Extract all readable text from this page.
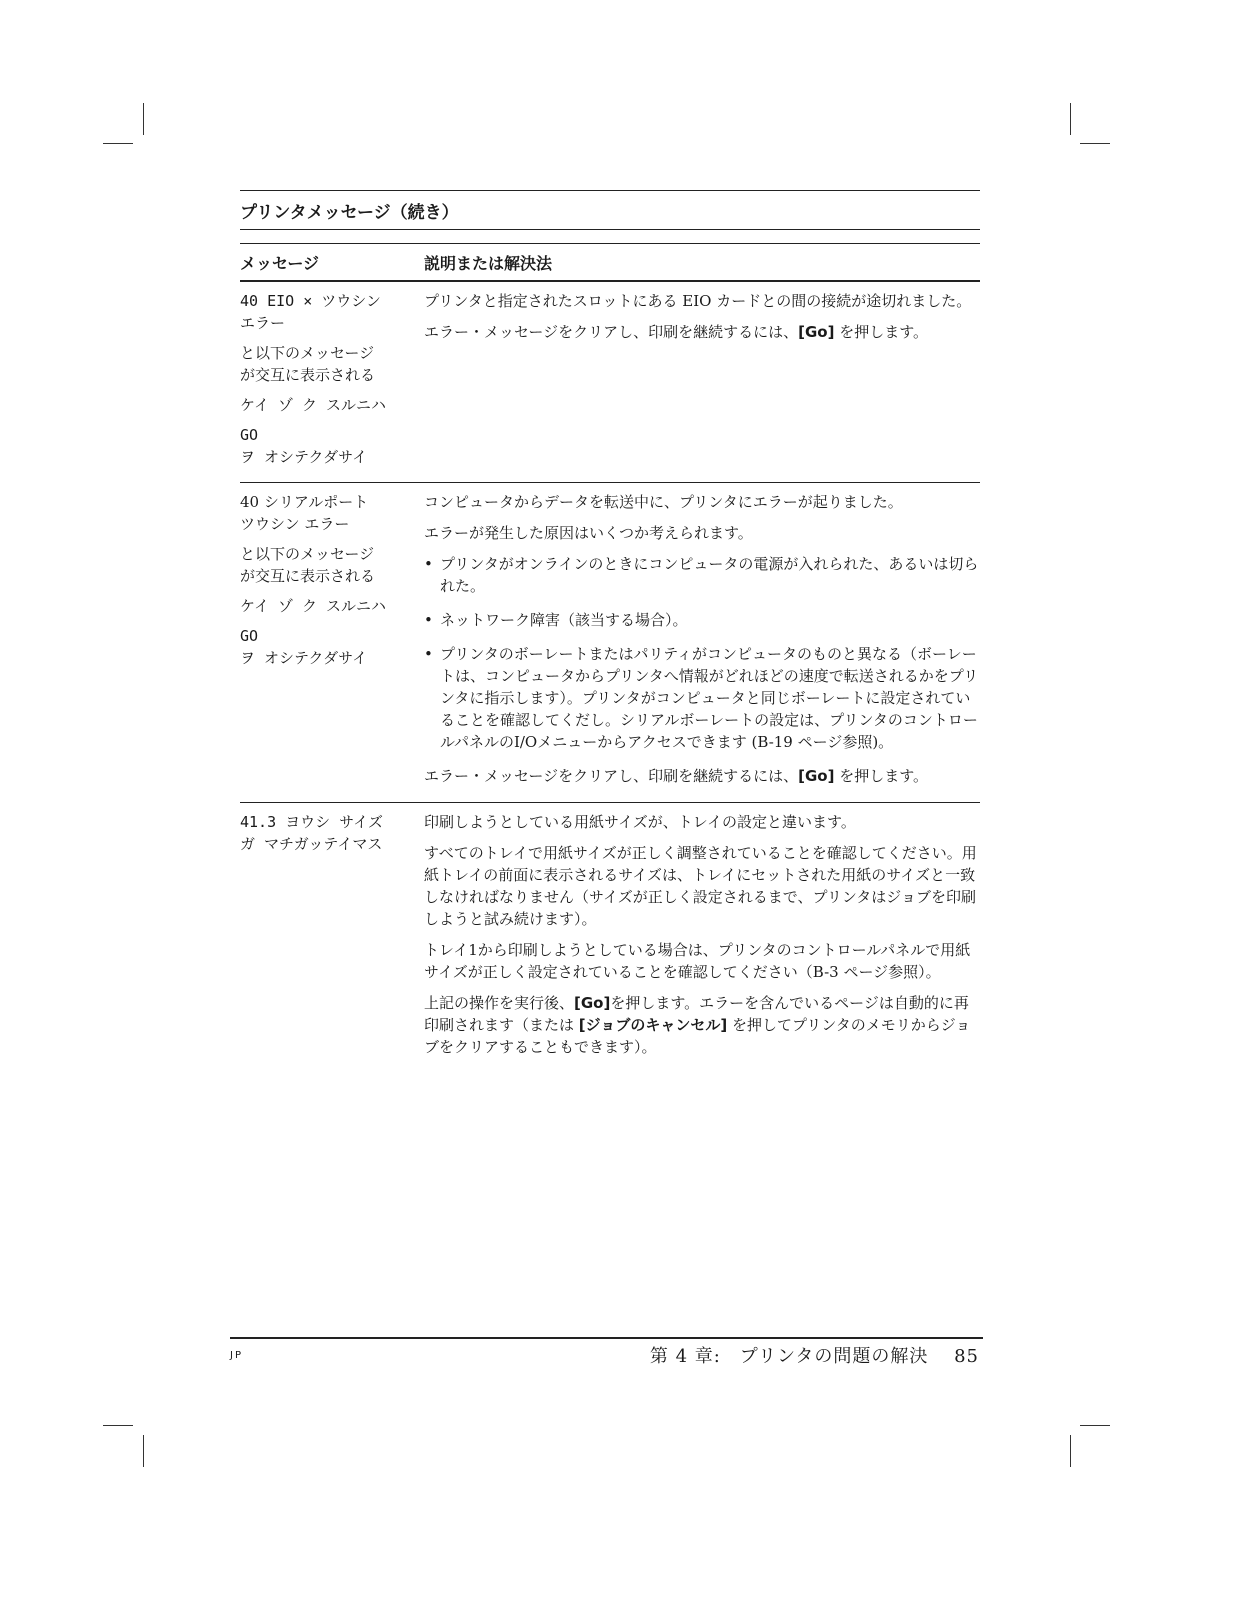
プリンタメッセージ（続き）
メッセージ	説明または解決法
40 EIO × ツウシン
エラー
と以下のメッセージ
が交互に表示される
ケイ ゾ ク スルニハ
GO
ヲ オシテクダサイ

プリンタと指定されたスロットにある EIO カードとの間の接続が途切れました。

エラー・メッセージをクリアし、印刷を継続するには、[Go] を押します。

40 シリアルポート
ツウシン エラー
と以下のメッセージ
が交互に表示される
ケイ ゾ ク スルニハ
GO
ヲ オシテクダサイ

コンピュータからデータを転送中に、プリンタにエラーが起りました。

エラーが発生した原因はいくつか考えられます。

• プリンタがオンラインのときにコンピュータの電源が入れられた、あるいは切られた。
• ネットワーク障害（該当する場合）。
• プリンタのボーレートまたはパリティがコンピュータのものと異なる（ボーレートは、コンピュータからプリンタへ情報がどれほどの速度で転送されるかをプリンタに指示します）。プリンタがコンピュータと同じボーレートに設定されていることを確認してくだし。シリアルボーレートの設定は、プリンタのコントロールパネルのI/Oメニューからアクセスできます (B-19 ページ参照)。

エラー・メッセージをクリアし、印刷を継続するには、[Go] を押します。

41.3 ヨウシ サイズ
ガ マチガッテイマス

印刷しようとしている用紙サイズが、トレイの設定と違います。

すべてのトレイで用紙サイズが正しく調整されていることを確認してください。用紙トレイの前面に表示されるサイズは、トレイにセットされた用紙のサイズと一致しなければなりません（サイズが正しく設定されるまで、プリンタはジョブを印刷しようと試み続けます）。

トレイ1から印刷しようとしている場合は、プリンタのコントロールパネルで用紙サイズが正しく設定されていることを確認してください（B-3 ページ参照）。

上記の操作を実行後、[Go]を押します。エラーを含んでいるページは自動的に再印刷されます（または [ジョブのキャンセル] を押してプリンタのメモリからジョブをクリアすることもできます）。

JP	第 4 章:　プリンタの問題の解決　 85
